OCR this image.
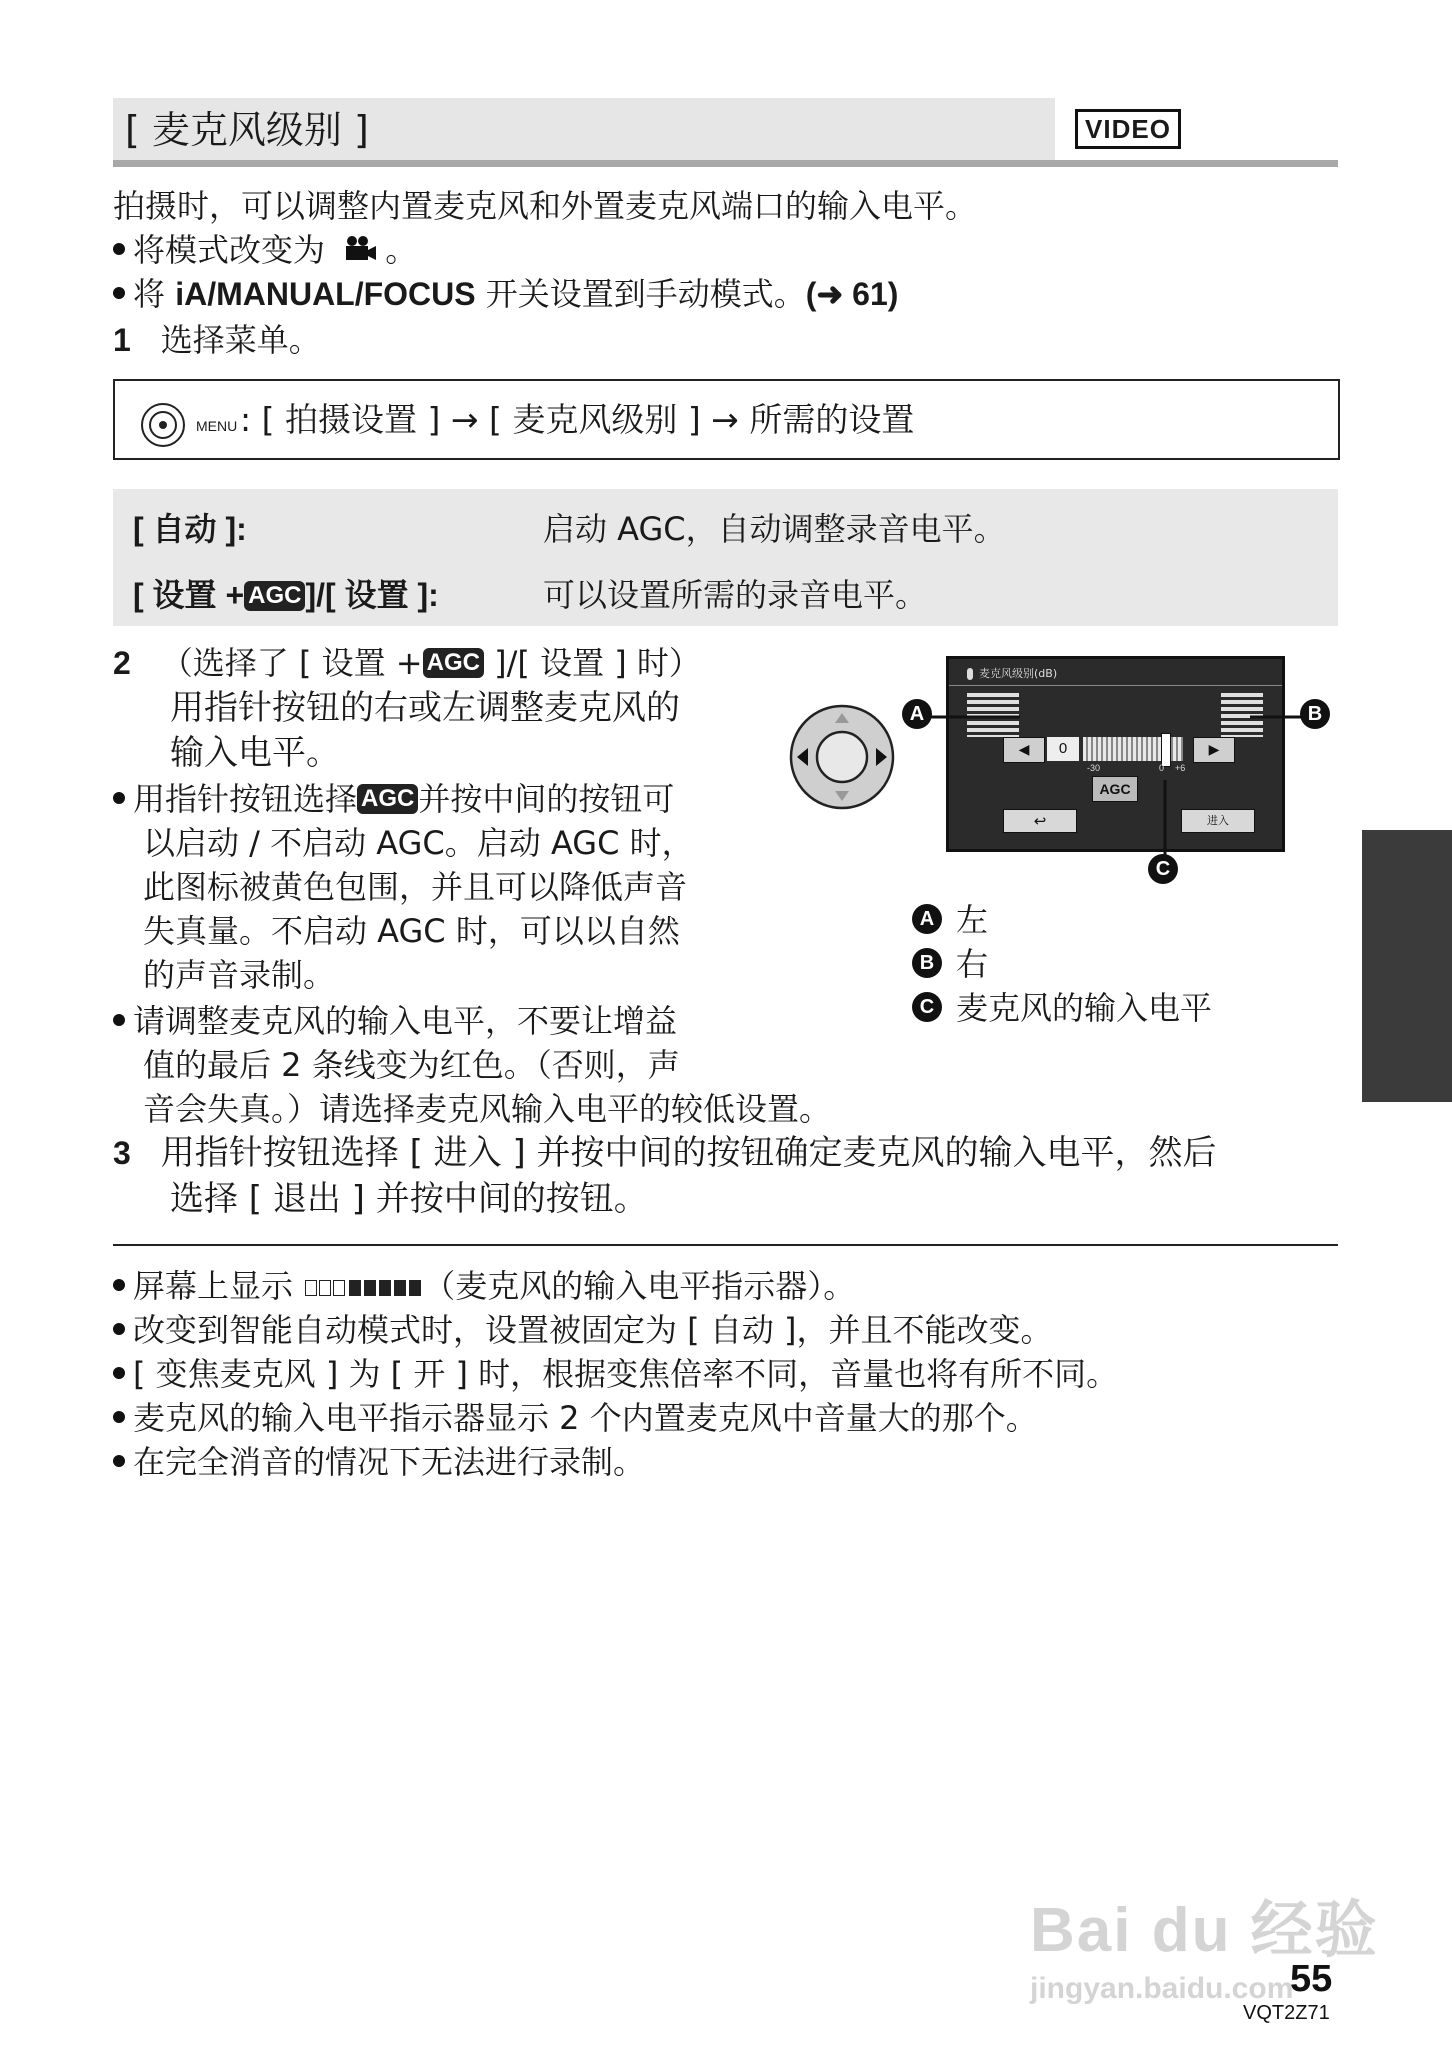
[ 麦克风级别 ]	VIDEO
拍摄时，可以调整内置麦克风和外置麦克风端口的输入电平。
将模式改变为 。
将 iA/MANUAL/FOCUS 开关设置到手动模式。(➜ 61)
1 选择菜单。
MENU : [ 拍摄设置 ] → [ 麦克风级别 ] → 所需的设置
[ 自动 ]:	启动 AGC，自动调整录音电平。
[ 设置 + AGC ]/[ 设置 ]:	可以设置所需的录音电平。
2 （选择了 [ 设置 + AGC ]/[ 设置 ] 时）
用指针按钮的右或左调整麦克风的
输入电平。
用指针按钮选择 AGC 并按中间的按钮可
以启动 / 不启动 AGC。启动 AGC 时，
此图标被黄色包围，并且可以降低声音
失真量。不启动 AGC 时，可以以自然
的声音录制。
请调整麦克风的输入电平，不要让增益
值的最后 2 条线变为红色。（否则，声
音会失真。）请选择麦克风输入电平的较低设置。
麦克风级别(dB)
◀	0	▶
-30	0 +6
AGC
↩	进入
A	B
C
A 左
B 右
C 麦克风的输入电平
3 用指针按钮选择 [ 进入 ] 并按中间的按钮确定麦克风的输入电平，然后
选择 [ 退出 ] 并按中间的按钮。
屏幕上显示	（麦克风的输入电平指示器）。
改变到智能自动模式时，设置被固定为 [ 自动 ]，并且不能改变。
[ 变焦麦克风 ] 为 [ 开 ] 时，根据变焦倍率不同，音量也将有所不同。
麦克风的输入电平指示器显示 2 个内置麦克风中音量大的那个。
在完全消音的情况下无法进行录制。
Bai du 经验
jingyan.baidu.com
55
VQT2Z71
